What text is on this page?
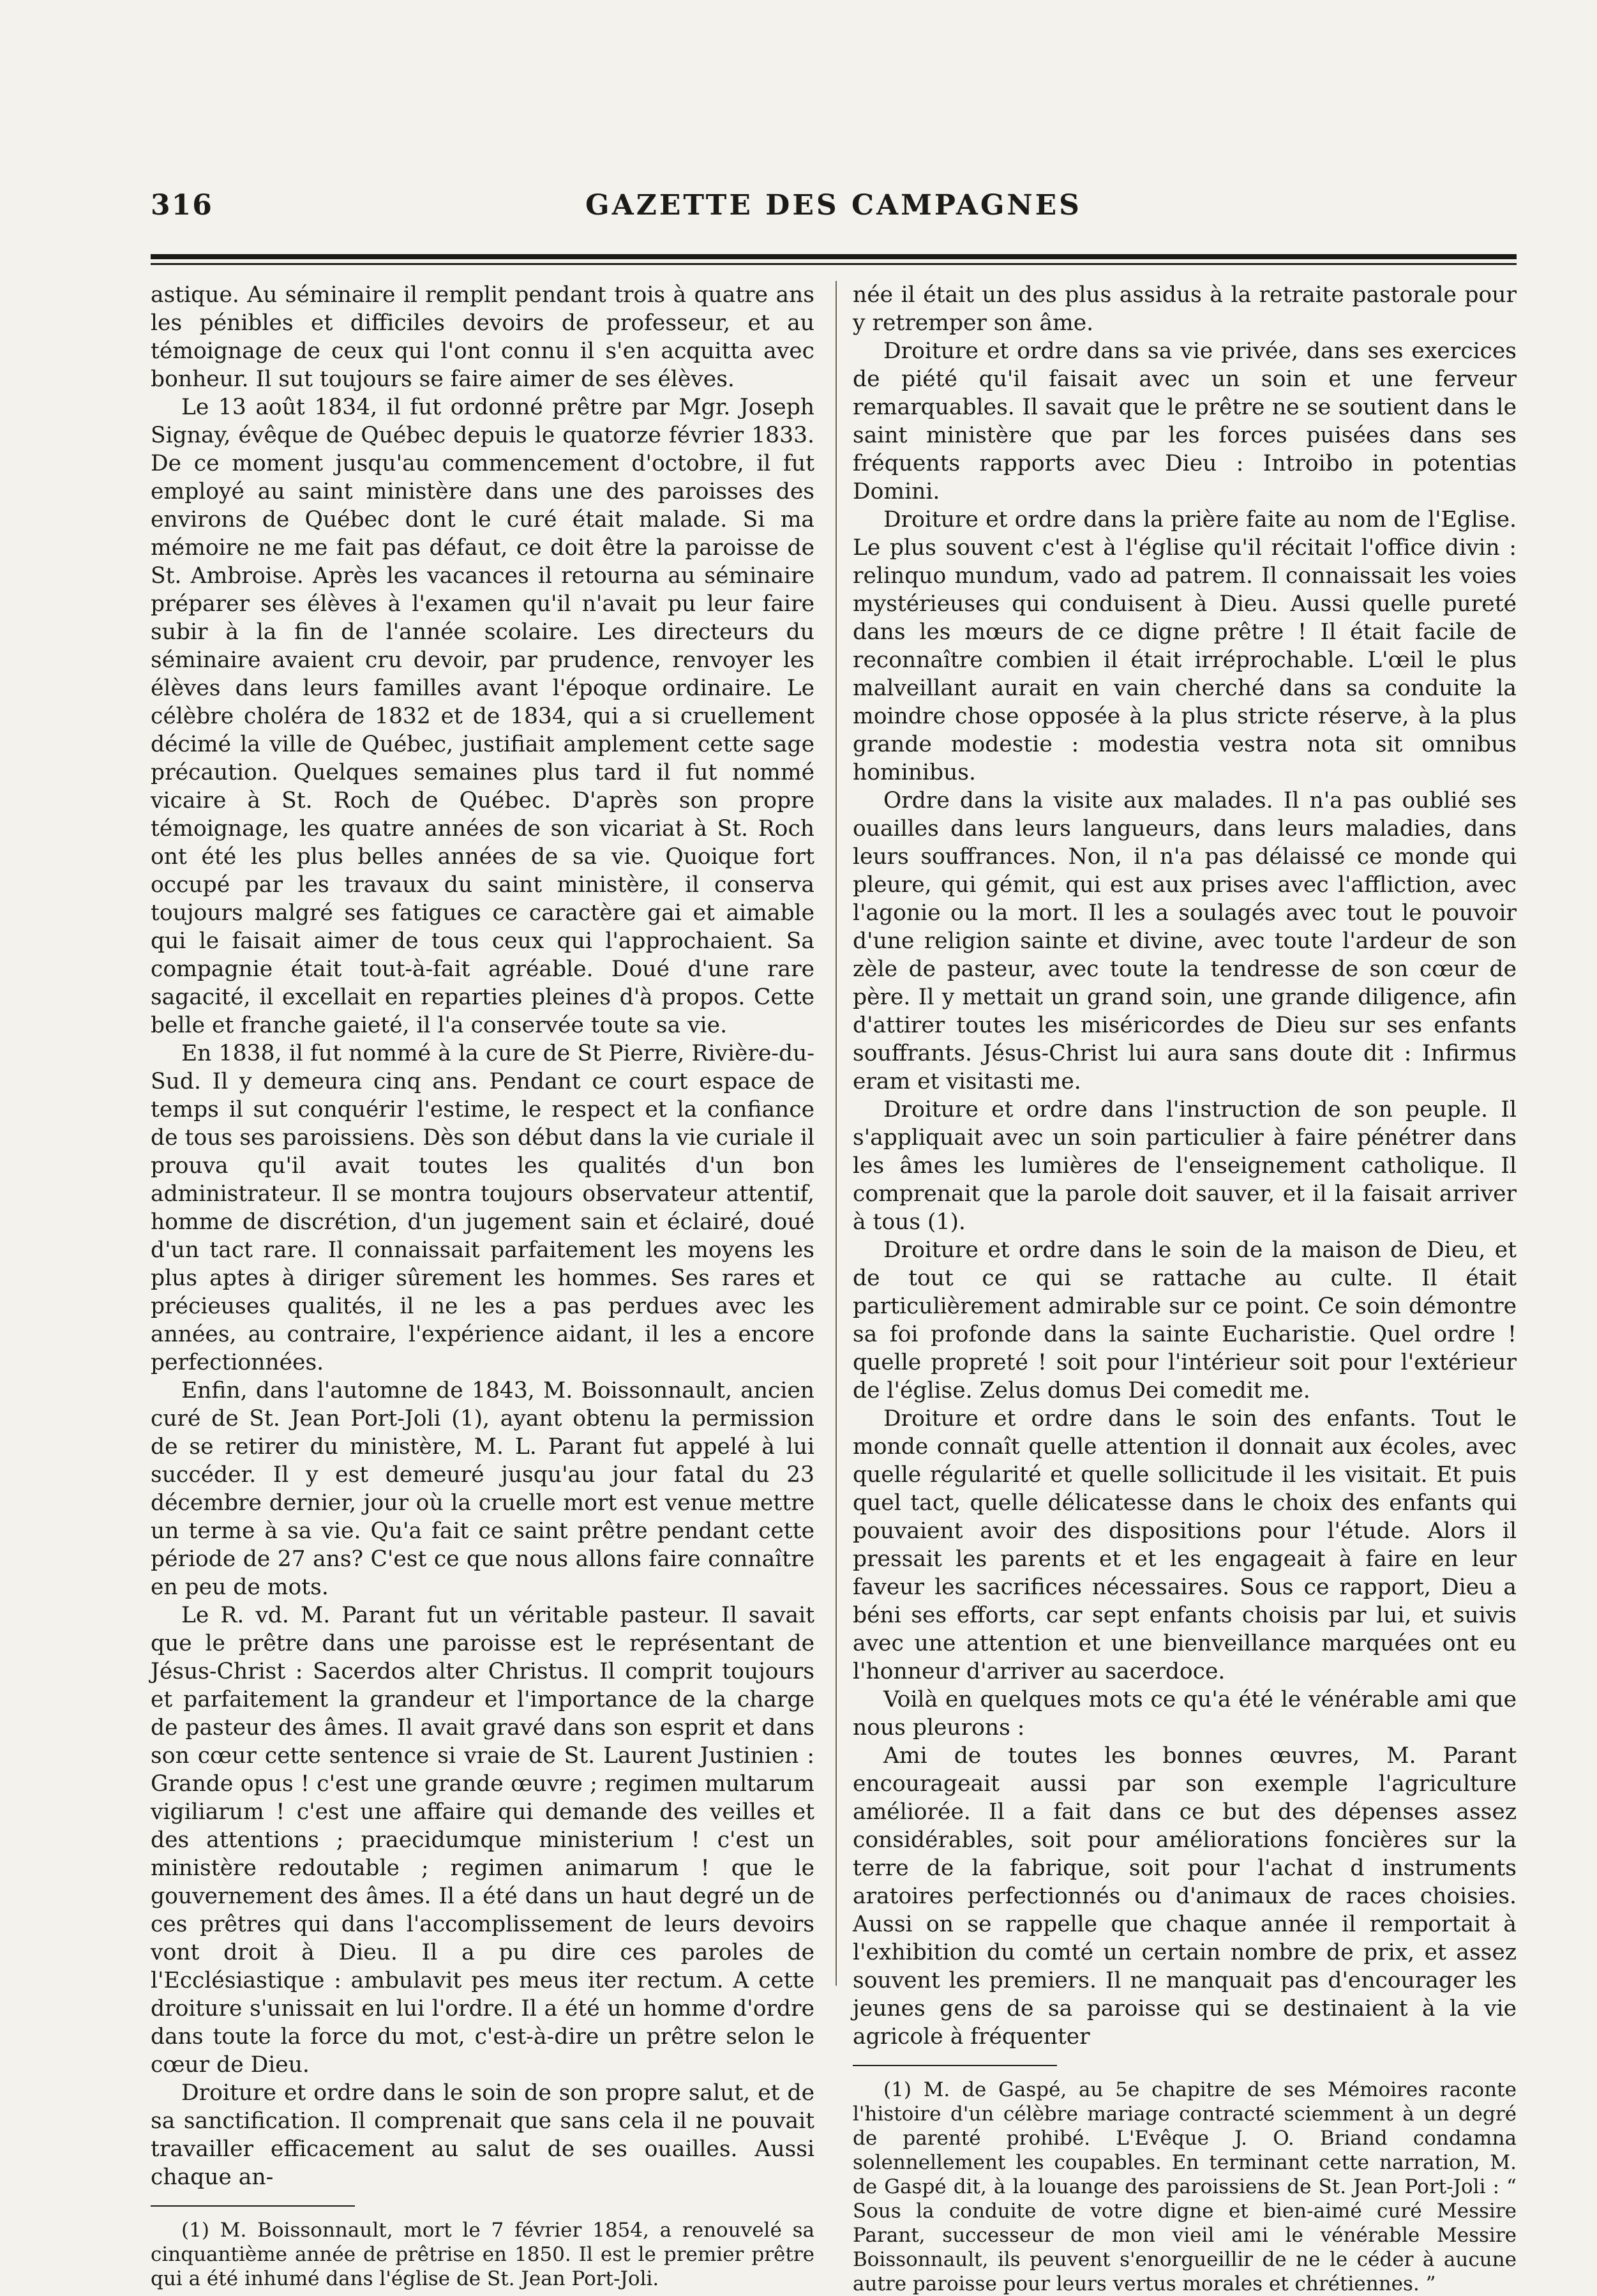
316	GAZETTE DES CAMPAGNES

astique. Au séminaire il remplit pendant trois à quatre ans les pénibles et difficiles devoirs de professeur, et au témoignage de ceux qui l'ont connu il s'en acquitta avec bonheur. Il sut toujours se faire aimer de ses élèves.

Le 13 août 1834, il fut ordonné prêtre par Mgr. Joseph Signay, évêque de Québec depuis le quatorze février 1833. De ce moment jusqu'au commencement d'octobre, il fut employé au saint ministère dans une des paroisses des environs de Québec dont le curé était malade. Si ma mémoire ne me fait pas défaut, ce doit être la paroisse de St. Ambroise. Après les vacances il retourna au séminaire préparer ses élèves à l'examen qu'il n'avait pu leur faire subir à la fin de l'année scolaire. Les directeurs du séminaire avaient cru devoir, par prudence, renvoyer les élèves dans leurs familles avant l'époque ordinaire. Le célèbre choléra de 1832 et de 1834, qui a si cruellement décimé la ville de Québec, justifiait amplement cette sage précaution. Quelques semaines plus tard il fut nommé vicaire à St. Roch de Québec. D'après son propre témoignage, les quatre années de son vicariat à St. Roch ont été les plus belles années de sa vie. Quoique fort occupé par les travaux du saint ministère, il conserva toujours malgré ses fatigues ce caractère gai et aimable qui le faisait aimer de tous ceux qui l'approchaient. Sa compagnie était tout-à-fait agréable. Doué d'une rare sagacité, il excellait en reparties pleines d'à propos. Cette belle et franche gaieté, il l'a conservée toute sa vie.

En 1838, il fut nommé à la cure de St Pierre, Rivière-du-Sud. Il y demeura cinq ans. Pendant ce court espace de temps il sut conquérir l'estime, le respect et la confiance de tous ses paroissiens. Dès son début dans la vie curiale il prouva qu'il avait toutes les qualités d'un bon administrateur. Il se montra toujours observateur attentif, homme de discrétion, d'un jugement sain et éclairé, doué d'un tact rare. Il connaissait parfaitement les moyens les plus aptes à diriger sûrement les hommes. Ses rares et précieuses qualités, il ne les a pas perdues avec les années, au contraire, l'expérience aidant, il les a encore perfectionnées.

Enfin, dans l'automne de 1843, M. Boissonnault, ancien curé de St. Jean Port-Joli (1), ayant obtenu la permission de se retirer du ministère, M. L. Parant fut appelé à lui succéder. Il y est demeuré jusqu'au jour fatal du 23 décembre dernier, jour où la cruelle mort est venue mettre un terme à sa vie. Qu'a fait ce saint prêtre pendant cette période de 27 ans? C'est ce que nous allons faire connaître en peu de mots.

Le R. vd. M. Parant fut un véritable pasteur. Il savait que le prêtre dans une paroisse est le représentant de Jésus-Christ : Sacerdos alter Christus. Il comprit toujours et parfaitement la grandeur et l'importance de la charge de pasteur des âmes. Il avait gravé dans son esprit et dans son cœur cette sentence si vraie de St. Laurent Justinien : Grande opus ! c'est une grande œuvre ; regimen multarum vigiliarum ! c'est une affaire qui demande des veilles et des attentions ; praecidumque ministerium ! c'est un ministère redoutable ; regimen animarum ! que le gouvernement des âmes. Il a été dans un haut degré un de ces prêtres qui dans l'accomplissement de leurs devoirs vont droit à Dieu. Il a pu dire ces paroles de l'Ecclésiastique : ambulavit pes meus iter rectum. A cette droiture s'unissait en lui l'ordre. Il a été un homme d'ordre dans toute la force du mot, c'est-à-dire un prêtre selon le cœur de Dieu.

Droiture et ordre dans le soin de son propre salut, et de sa sanctification. Il comprenait que sans cela il ne pouvait travailler efficacement au salut de ses ouailles. Aussi chaque an-

(1) M. Boissonnault, mort le 7 février 1854, a renouvelé sa cinquantième année de prêtrise en 1850. Il est le premier prêtre qui a été inhumé dans l'église de St. Jean Port-Joli.

née il était un des plus assidus à la retraite pastorale pour y retremper son âme.

Droiture et ordre dans sa vie privée, dans ses exercices de piété qu'il faisait avec un soin et une ferveur remarquables. Il savait que le prêtre ne se soutient dans le saint ministère que par les forces puisées dans ses fréquents rapports avec Dieu : Introibo in potentias Domini.

Droiture et ordre dans la prière faite au nom de l'Eglise. Le plus souvent c'est à l'église qu'il récitait l'office divin : relinquo mundum, vado ad patrem. Il connaissait les voies mystérieuses qui conduisent à Dieu. Aussi quelle pureté dans les mœurs de ce digne prêtre ! Il était facile de reconnaître combien il était irréprochable. L'œil le plus malveillant aurait en vain cherché dans sa conduite la moindre chose opposée à la plus stricte réserve, à la plus grande modestie : modestia vestra nota sit omnibus hominibus.

Ordre dans la visite aux malades. Il n'a pas oublié ses ouailles dans leurs langueurs, dans leurs maladies, dans leurs souffrances. Non, il n'a pas délaissé ce monde qui pleure, qui gémit, qui est aux prises avec l'affliction, avec l'agonie ou la mort. Il les a soulagés avec tout le pouvoir d'une religion sainte et divine, avec toute l'ardeur de son zèle de pasteur, avec toute la tendresse de son cœur de père. Il y mettait un grand soin, une grande diligence, afin d'attirer toutes les miséricordes de Dieu sur ses enfants souffrants. Jésus-Christ lui aura sans doute dit : Infirmus eram et visitasti me.

Droiture et ordre dans l'instruction de son peuple. Il s'appliquait avec un soin particulier à faire pénétrer dans les âmes les lumières de l'enseignement catholique. Il comprenait que la parole doit sauver, et il la faisait arriver à tous (1).

Droiture et ordre dans le soin de la maison de Dieu, et de tout ce qui se rattache au culte. Il était particulièrement admirable sur ce point. Ce soin démontre sa foi profonde dans la sainte Eucharistie. Quel ordre ! quelle propreté ! soit pour l'intérieur soit pour l'extérieur de l'église. Zelus domus Dei comedit me.

Droiture et ordre dans le soin des enfants. Tout le monde connaît quelle attention il donnait aux écoles, avec quelle régularité et quelle sollicitude il les visitait. Et puis quel tact, quelle délicatesse dans le choix des enfants qui pouvaient avoir des dispositions pour l'étude. Alors il pressait les parents et et les engageait à faire en leur faveur les sacrifices nécessaires. Sous ce rapport, Dieu a béni ses efforts, car sept enfants choisis par lui, et suivis avec une attention et une bienveillance marquées ont eu l'honneur d'arriver au sacerdoce.

Voilà en quelques mots ce qu'a été le vénérable ami que nous pleurons :

Ami de toutes les bonnes œuvres, M. Parant encourageait aussi par son exemple l'agriculture améliorée. Il a fait dans ce but des dépenses assez considérables, soit pour améliorations foncières sur la terre de la fabrique, soit pour l'achat d instruments aratoires perfectionnés ou d'animaux de races choisies. Aussi on se rappelle que chaque année il remportait à l'exhibition du comté un certain nombre de prix, et assez souvent les premiers. Il ne manquait pas d'encourager les jeunes gens de sa paroisse qui se destinaient à la vie agricole à fréquenter

(1) M. de Gaspé, au 5e chapitre de ses Mémoires raconte l'histoire d'un célèbre mariage contracté sciemment à un degré de parenté prohibé. L'Evêque J. O. Briand condamna solennellement les coupables. En terminant cette narration, M. de Gaspé dit, à la louange des paroissiens de St. Jean Port-Joli : “ Sous la conduite de votre digne et bien-aimé curé Messire Parant, successeur de mon vieil ami le vénérable Messire Boissonnault, ils peuvent s'enorgueillir de ne le céder à aucune autre paroisse pour leurs vertus morales et chrétiennes. ”
